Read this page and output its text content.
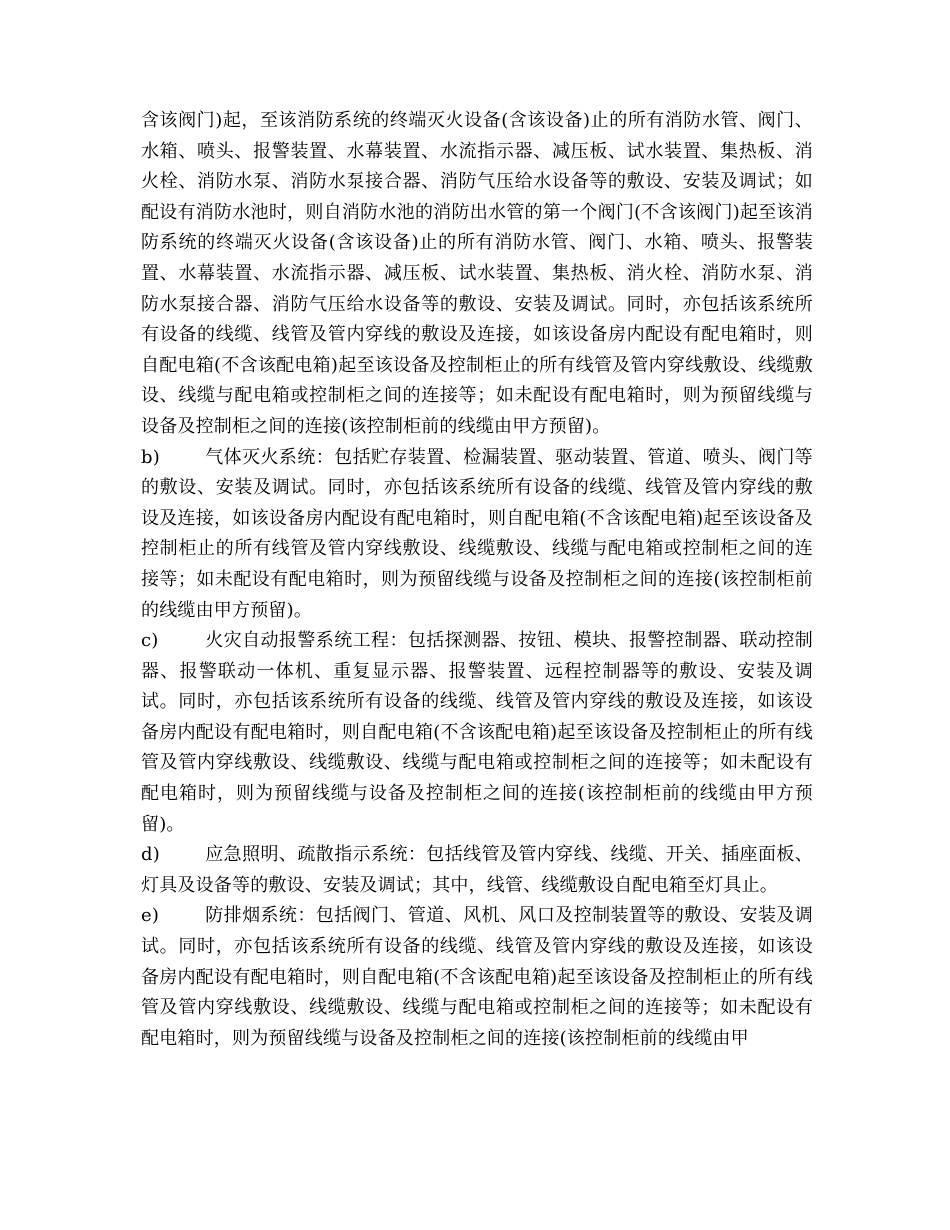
含该阀门)起，至该消防系统的终端灭火设备(含该设备)止的所有消防水管、阀门、水箱、喷头、报警装置、水幕装置、水流指示器、减压板、试水装置、集热板、消火栓、消防水泵、消防水泵接合器、消防气压给水设备等的敷设、安装及调试；如配设有消防水池时，则自消防水池的消防出水管的第一个阀门(不含该阀门)起至该消防系统的终端灭火设备(含该设备)止的所有消防水管、阀门、水箱、喷头、报警装置、水幕装置、水流指示器、减压板、试水装置、集热板、消火栓、消防水泵、消防水泵接合器、消防气压给水设备等的敷设、安装及调试。同时，亦包括该系统所有设备的线缆、线管及管内穿线的敷设及连接，如该设备房内配设有配电箱时，则自配电箱(不含该配电箱)起至该设备及控制柜止的所有线管及管内穿线敷设、线缆敷设、线缆与配电箱或控制柜之间的连接等；如未配设有配电箱时，则为预留线缆与设备及控制柜之间的连接(该控制柜前的线缆由甲方预留)。

b)	气体灭火系统：包括贮存装置、检漏装置、驱动装置、管道、喷头、阀门等的敷设、安装及调试。同时，亦包括该系统所有设备的线缆、线管及管内穿线的敷设及连接，如该设备房内配设有配电箱时，则自配电箱(不含该配电箱)起至该设备及控制柜止的所有线管及管内穿线敷设、线缆敷设、线缆与配电箱或控制柜之间的连接等；如未配设有配电箱时，则为预留线缆与设备及控制柜之间的连接(该控制柜前的线缆由甲方预留)。

c)	火灾自动报警系统工程：包括探测器、按钮、模块、报警控制器、联动控制器、报警联动一体机、重复显示器、报警装置、远程控制器等的敷设、安装及调试。同时，亦包括该系统所有设备的线缆、线管及管内穿线的敷设及连接，如该设备房内配设有配电箱时，则自配电箱(不含该配电箱)起至该设备及控制柜止的所有线管及管内穿线敷设、线缆敷设、线缆与配电箱或控制柜之间的连接等；如未配设有配电箱时，则为预留线缆与设备及控制柜之间的连接(该控制柜前的线缆由甲方预留)。

d)	应急照明、疏散指示系统：包括线管及管内穿线、线缆、开关、插座面板、灯具及设备等的敷设、安装及调试；其中，线管、线缆敷设自配电箱至灯具止。

e)	防排烟系统：包括阀门、管道、风机、风口及控制装置等的敷设、安装及调试。同时，亦包括该系统所有设备的线缆、线管及管内穿线的敷设及连接，如该设备房内配设有配电箱时，则自配电箱(不含该配电箱)起至该设备及控制柜止的所有线管及管内穿线敷设、线缆敷设、线缆与配电箱或控制柜之间的连接等；如未配设有配电箱时，则为预留线缆与设备及控制柜之间的连接(该控制柜前的线缆由甲
